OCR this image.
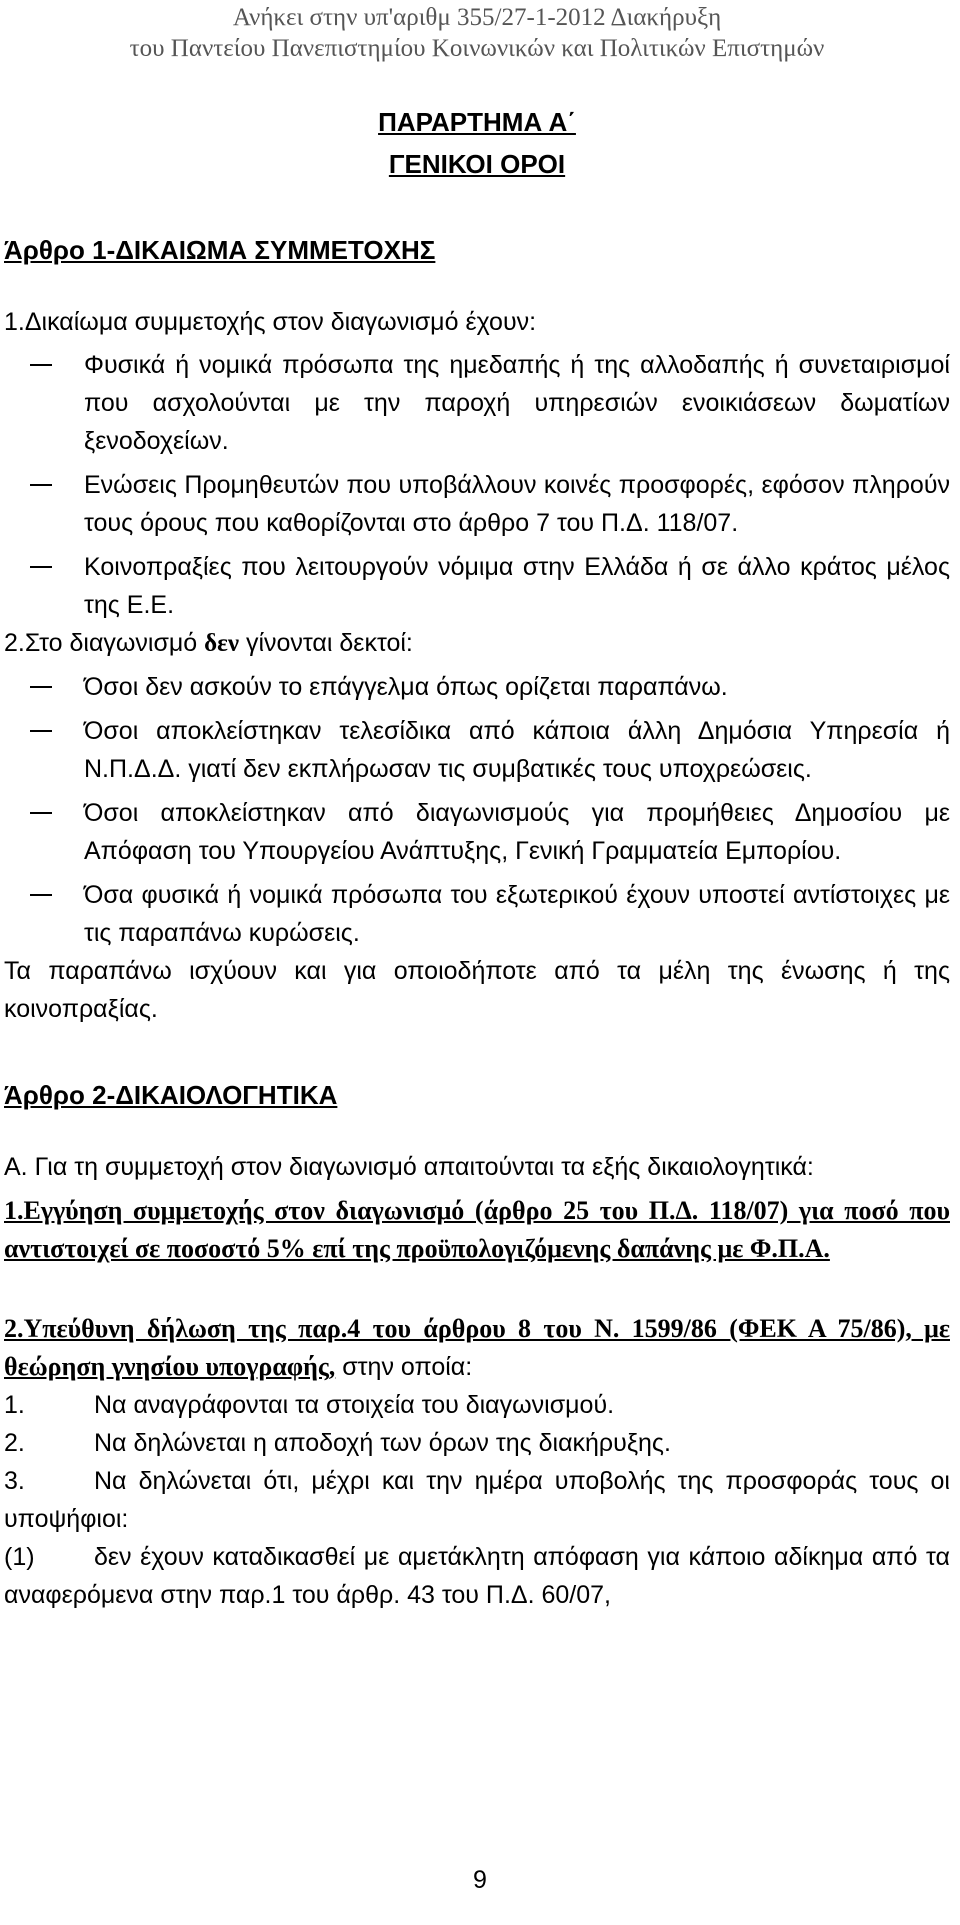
Ανήκει στην υπ'αριθμ 355/27-1-2012 Διακήρυξη
του Παντείου Πανεπιστημίου Κοινωνικών και Πολιτικών Επιστημών
ΠΑΡΑΡΤΗΜΑ Α΄
ΓΕΝΙΚΟΙ ΟΡΟΙ
Άρθρο 1-ΔΙΚΑΙΩΜΑ ΣΥΜΜΕΤΟΧΗΣ
1.Δικαίωμα συμμετοχής στον διαγωνισμό έχουν:
Φυσικά ή νομικά πρόσωπα της ημεδαπής ή της αλλοδαπής ή συνεταιρισμοί που ασχολούνται με την παροχή υπηρεσιών ενοικιάσεων δωματίων ξενοδοχείων.
Ενώσεις Προμηθευτών που υποβάλλουν κοινές προσφορές, εφόσον πληρούν τους όρους που καθορίζονται στο άρθρο 7 του Π.Δ. 118/07.
Κοινοπραξίες που λειτουργούν νόμιμα στην Ελλάδα ή σε άλλο κράτος μέλος της Ε.Ε.
2.Στο διαγωνισμό δεν γίνονται δεκτοί:
Όσοι δεν ασκούν το επάγγελμα όπως ορίζεται παραπάνω.
Όσοι αποκλείστηκαν τελεσίδικα από κάποια άλλη Δημόσια Υπηρεσία ή Ν.Π.Δ.Δ. γιατί δεν εκπλήρωσαν τις συμβατικές τους υποχρεώσεις.
Όσοι αποκλείστηκαν από διαγωνισμούς για προμήθειες Δημοσίου με Απόφαση του Υπουργείου Ανάπτυξης, Γενική Γραμματεία Εμπορίου.
Όσα φυσικά ή νομικά πρόσωπα του εξωτερικού έχουν υποστεί αντίστοιχες με τις παραπάνω κυρώσεις.
Τα παραπάνω ισχύουν και για οποιοδήποτε από τα μέλη της ένωσης ή της κοινοπραξίας.
Άρθρο 2-ΔΙΚΑΙΟΛΟΓΗΤΙΚΑ
Α. Για τη συμμετοχή στον διαγωνισμό απαιτούνται τα εξής δικαιολογητικά:
1.Εγγύηση συμμετοχής στον διαγωνισμό (άρθρο 25 του Π.Δ. 118/07) για ποσό που αντιστοιχεί σε ποσοστό 5% επί της προϋπολογιζόμενης δαπάνης με Φ.Π.Α.
2.Υπεύθυνη δήλωση της παρ.4 του άρθρου 8 του Ν. 1599/86 (ΦΕΚ Α 75/86), με θεώρηση γνησίου υπογραφής, στην οποία:
1.	Να αναγράφονται τα στοιχεία του διαγωνισμού.
2.	Να δηλώνεται η αποδοχή των όρων της διακήρυξης.
3.	Να δηλώνεται ότι, μέχρι και την ημέρα υποβολής της προσφοράς τους οι υποψήφιοι:
(1) δεν έχουν καταδικασθεί με αμετάκλητη απόφαση για κάποιο αδίκημα από τα αναφερόμενα στην παρ.1 του άρθρ. 43 του Π.Δ. 60/07,
9
